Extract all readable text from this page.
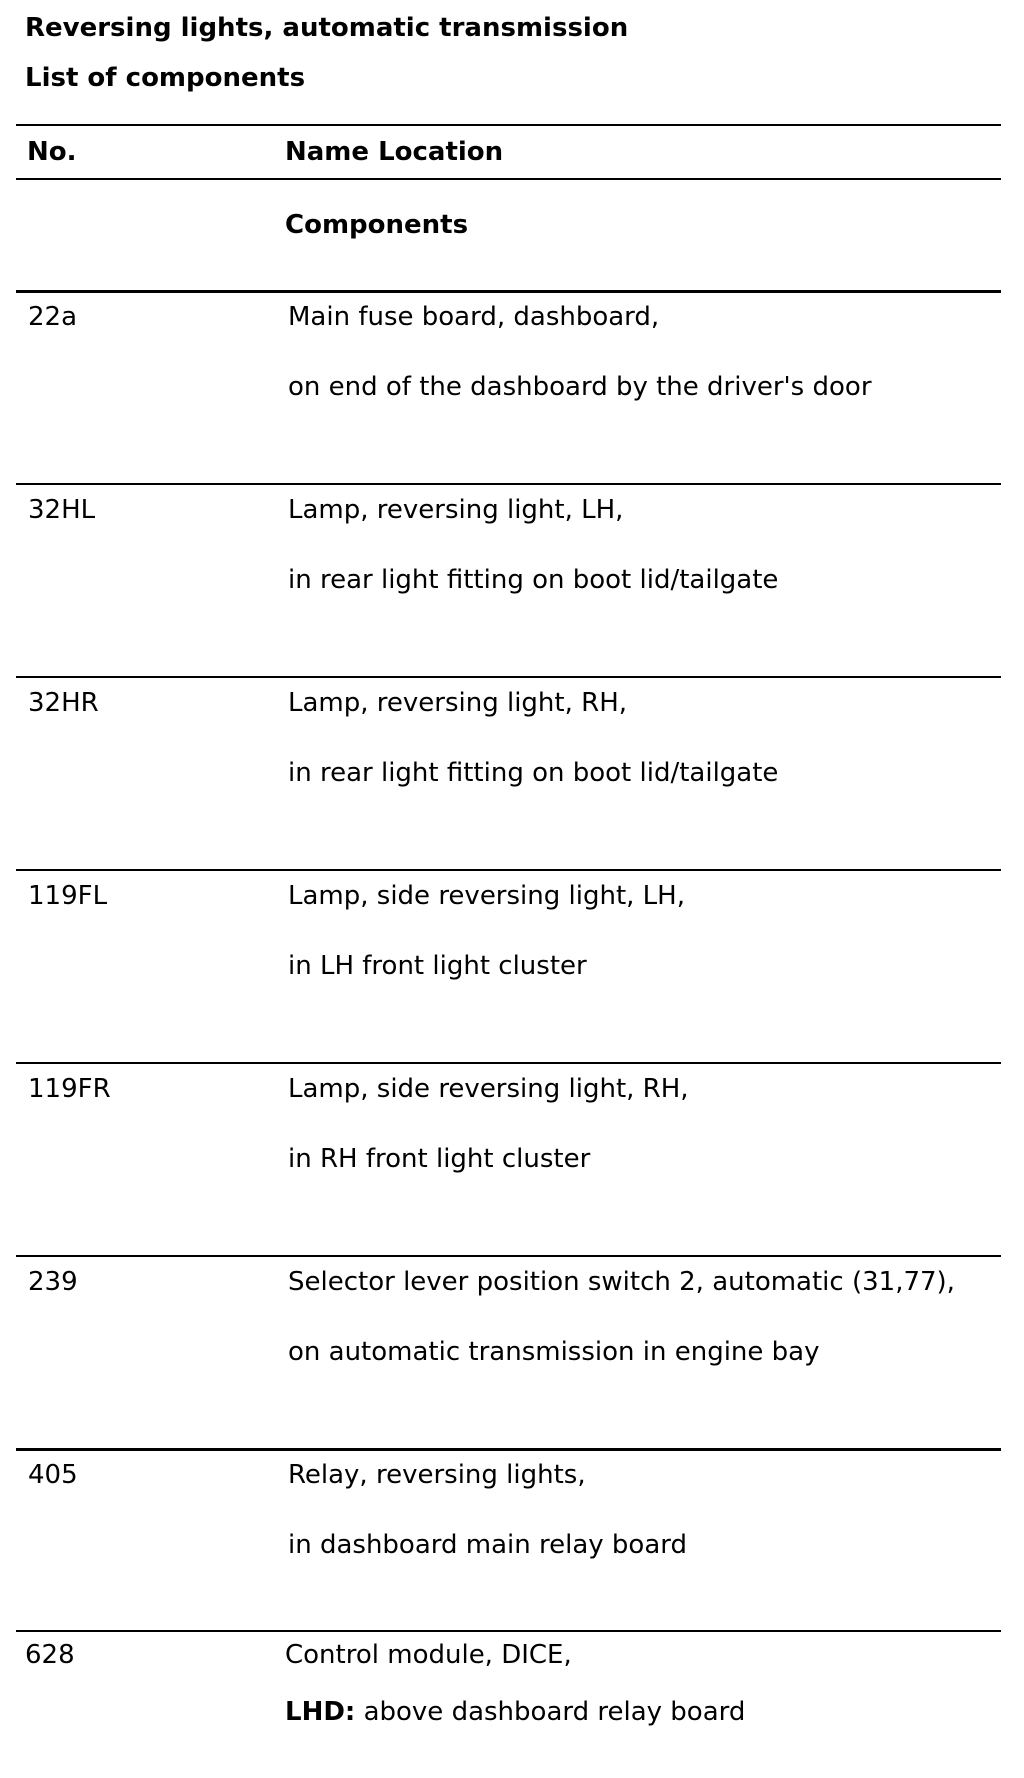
Reversing lights, automatic transmission
List of components
No.	Name Location
Components
22a	Main fuse board, dashboard,
on end of the dashboard by the driver's door
32HL	Lamp, reversing light, LH,
in rear light fitting on boot lid/tailgate
32HR	Lamp, reversing light, RH,
in rear light fitting on boot lid/tailgate
119FL	Lamp, side reversing light, LH,
in LH front light cluster
119FR	Lamp, side reversing light, RH,
in RH front light cluster
239	Selector lever position switch 2, automatic (31,77),
on automatic transmission in engine bay
405	Relay, reversing lights,
in dashboard main relay board
628	Control module, DICE,
LHD: above dashboard relay board
